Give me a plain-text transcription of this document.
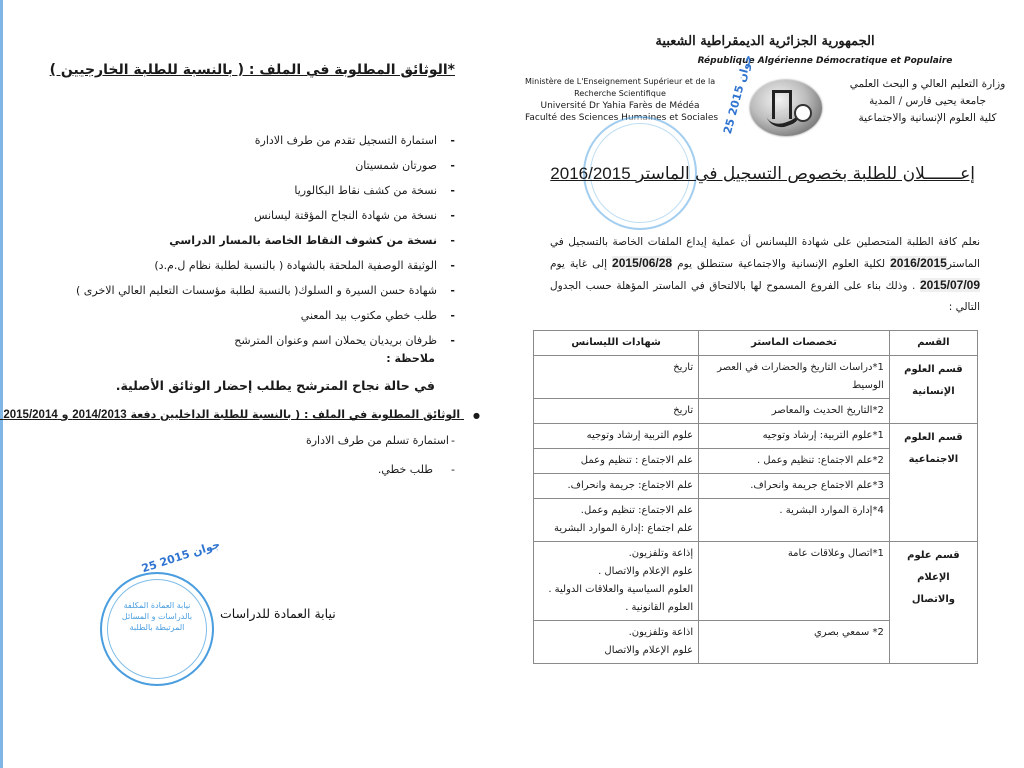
الجمهورية الجزائرية الديمقراطية الشعبية
République Algérienne Démocratique et Populaire
وزارة التعليم العالي و البحث العلمي
جامعة يحيى فارس / المدية
كلية العلوم الإنسانية والاجتماعية
Ministère de L'Enseignement Supérieur et de la
Recherche Scientifique
Université Dr Yahia Farès de Médéa
Faculté des Sciences Humaines et Sociales 25 جوان 2015
إعـــــــلان للطلبة بخصوص التسجيل في الماستر 2016/2015
نعلم كافة الطلبة المتحصلين على شهادة الليسانس أن عملية إيداع الملفات الخاصة بالتسجيل في الماستر2016/2015 لكلية العلوم الإنسانية والاجتماعية ستنطلق يوم 2015/06/28 إلى غاية يوم 2015/07/09 . وذلك بناء على الفروع المسموح لها بالالتحاق في الماستر المؤهلة حسب الجدول التالي :
القسم	تخصصات الماستر	شهادات الليسانس
قسم العلوم الإنسانية	1*دراسات التاريخ والحضارات في العصر الوسيط	تاريخ

	2*التاريخ الحديث والمعاصر	تاريخ

قسم العلوم الاجتماعية	1*علوم التربية: إرشاد وتوجيه	علوم التربية إرشاد وتوجيه

	2*علم الاجتماع: تنظيم وعمل .	علم الاجتماع : تنظيم وعمل

	3*علم الاجتماع جريمة وانحراف.	علم الاجتماع: جريمة وانحراف.

	4*إدارة الموارد البشرية .	علم الاجتماع: تنظيم وعمل.
علم اجتماع :إدارة الموارد البشرية

قسم علوم الإعلام والاتصال	1*اتصال وعلاقات عامة	إذاعة وتلفزيون.
علوم الإعلام والاتصال .
العلوم السياسية والعلاقات الدولية .
العلوم القانونية .

	2* سمعي بصري	اذاعة وتلفزيون.
علوم الإعلام والاتصال
*الوثائق المطلوبة في الملف : ( بالنسبة للطلبة الخارجيين )
- استمارة التسجيل تقدم من طرف الادارة
- صورتان شمسيتان
- نسخة من كشف نقاط البكالوريا
- نسخة من شهادة النجاح المؤقتة ليسانس
- نسخة من كشوف النقاط الخاصة بالمسار الدراسي
- الوثيقة الوصفية الملحقة بالشهادة ( بالنسبة لطلبة نظام ل.م.د)
- شهادة حسن السيرة و السلوك( بالنسبة لطلبة مؤسسات التعليم العالي الاخرى )
- طلب خطي مكتوب بيد المعني
- ظرفان بريديان يحملان اسم وعنوان المترشح
ملاحظة :
في حالة نجاح المترشح يطلب إحضار الوثائق الأصلية.
● الوثائق المطلوبة في الملف : ( بالنسبة للطلبة الداخليين دفعة 2014/2013 و 2015/2014
- استمارة تسلم من طرف الادارة
- طلب خطي.
25 جوان 2015
نيابة العمادة المكلفة بالدراسات و المسائل المرتبطة بالطلبة
نيابة العمادة للدراسات
